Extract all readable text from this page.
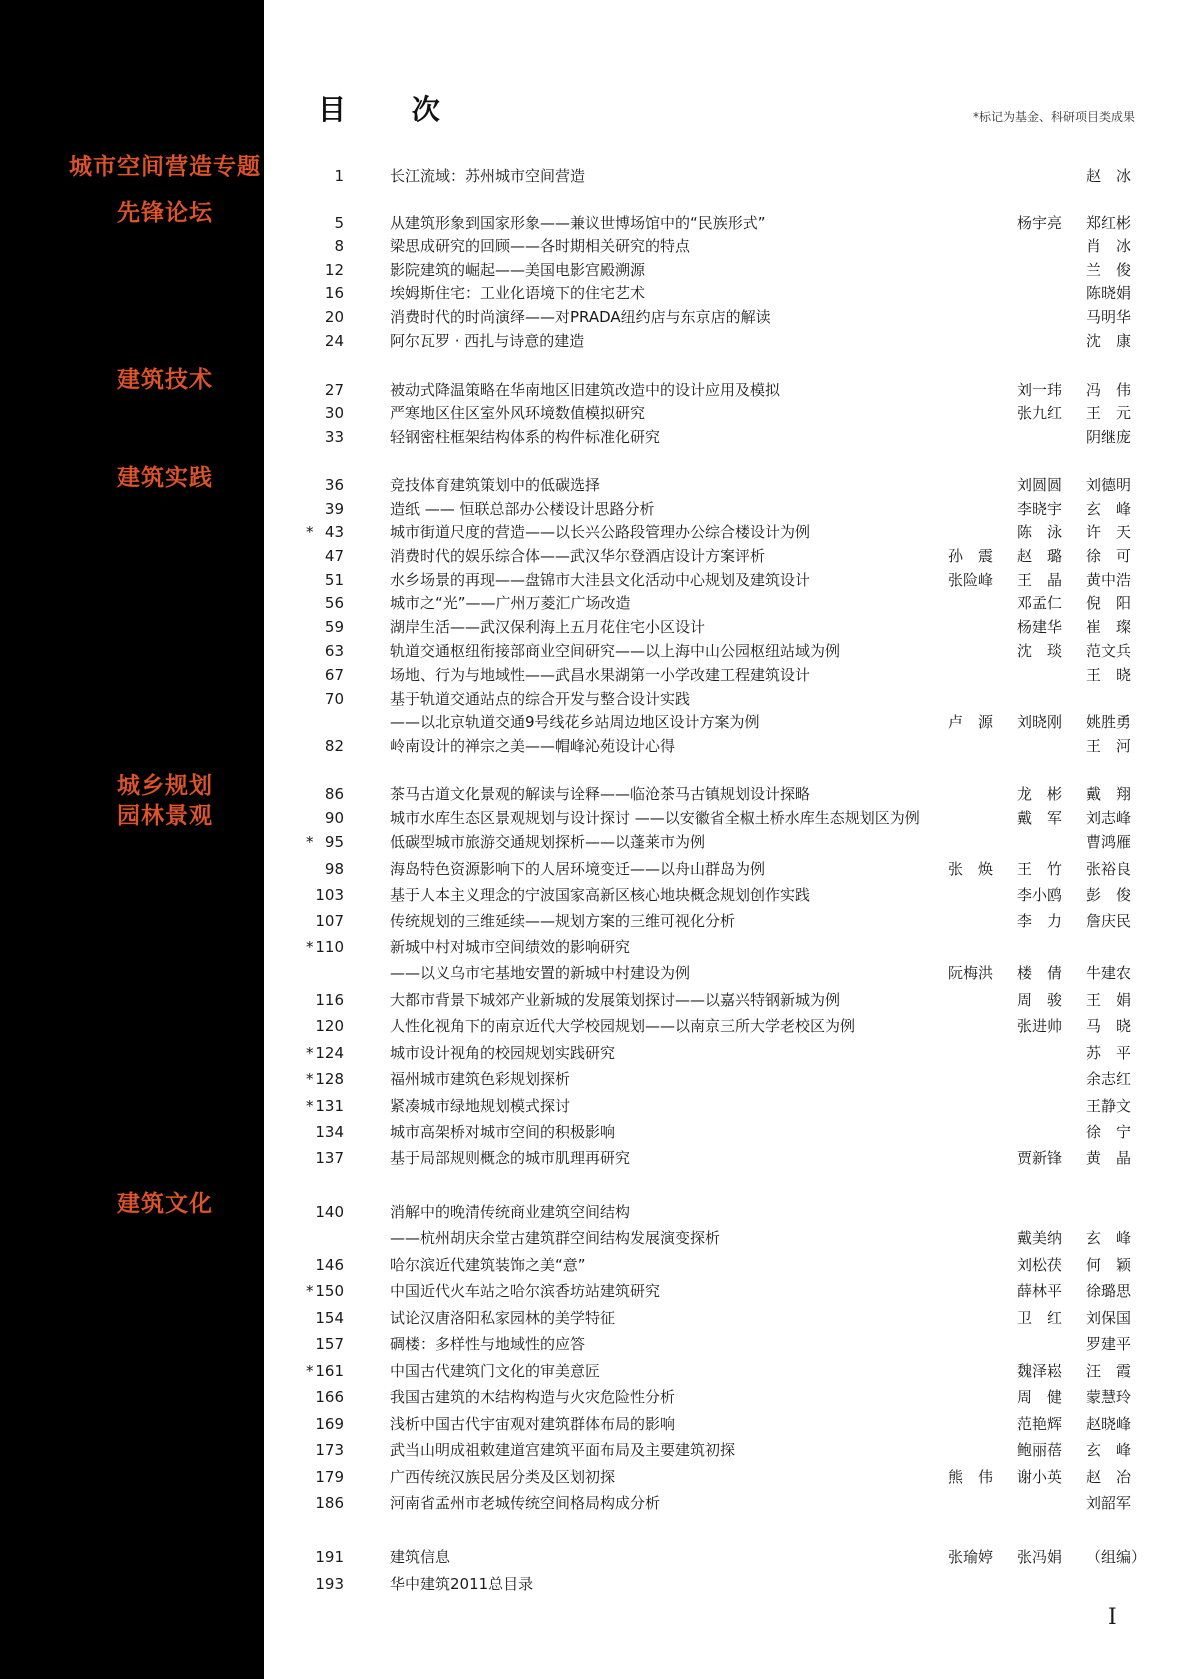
城市空间营造专题
先锋论坛
建筑技术
建筑实践
城乡规划
园林景观
建筑文化
目 次	*标记为基金、科研项目类成果
1	长江流域：苏州城市空间营造	赵　冰
5	从建筑形象到国家形象——兼议世博场馆中的“民族形式”	杨宇亮 郑红彬
8	梁思成研究的回顾——各时期相关研究的特点	肖　冰
12	影院建筑的崛起——美国电影宫殿溯源	兰　俊
16	埃姆斯住宅：工业化语境下的住宅艺术	陈晓娟
20	消费时代的时尚演绎——对PRADA纽约店与东京店的解读	马明华
24	阿尔瓦罗 · 西扎与诗意的建造	沈　康
27	被动式降温策略在华南地区旧建筑改造中的设计应用及模拟	刘一玮 冯　伟
30	严寒地区住区室外风环境数值模拟研究	张九红 王　元
33	轻钢密柱框架结构体系的构件标准化研究	阴继庞
36	竞技体育建筑策划中的低碳选择	刘圆圆 刘德明
39	造纸 —— 恒联总部办公楼设计思路分析	李晓宇 玄　峰
* 43	城市街道尺度的营造——以长兴公路段管理办公综合楼设计为例	陈　泳 许　天
47	消费时代的娱乐综合体——武汉华尔登酒店设计方案评析	孙　震 赵　璐 徐　可
51	水乡场景的再现——盘锦市大洼县文化活动中心规划及建筑设计	张险峰 王　晶 黄中浩
56	城市之“光”——广州万菱汇广场改造	邓孟仁 倪　阳
59	湖岸生活——武汉保利海上五月花住宅小区设计	杨建华 崔　璨
63	轨道交通枢纽衔接部商业空间研究——以上海中山公园枢纽站域为例	沈　琰 范文兵
67	场地、行为与地域性——武昌水果湖第一小学改建工程建筑设计	王　晓
70	基于轨道交通站点的综合开发与整合设计实践
——以北京轨道交通9号线花乡站周边地区设计方案为例	卢　源 刘晓刚 姚胜勇
82	岭南设计的禅宗之美——帽峰沁苑设计心得	王　河
86	茶马古道文化景观的解读与诠释——临沧茶马古镇规划设计探略	龙　彬 戴　翔
90	城市水库生态区景观规划与设计探讨 ——以安徽省全椒土桥水库生态规划区为例	戴　军 刘志峰
* 95	低碳型城市旅游交通规划探析——以蓬莱市为例	曹鸿雁
98	海岛特色资源影响下的人居环境变迁——以舟山群岛为例	张　焕 王　竹 张裕良
103	基于人本主义理念的宁波国家高新区核心地块概念规划创作实践	李小鸥 彭　俊
107	传统规划的三维延续——规划方案的三维可视化分析	李　力 詹庆民
* 110	新城中村对城市空间绩效的影响研究
——以义乌市宅基地安置的新城中村建设为例	阮梅洪 楼　倩 牛建农
116	大都市背景下城郊产业新城的发展策划探讨——以嘉兴特钢新城为例	周　骏 王　娟
120	人性化视角下的南京近代大学校园规划——以南京三所大学老校区为例	张进帅 马　晓
* 124	城市设计视角的校园规划实践研究	苏　平
* 128	福州城市建筑色彩规划探析	余志红
* 131	紧凑城市绿地规划模式探讨	王静文
134	城市高架桥对城市空间的积极影响	徐　宁
137	基于局部规则概念的城市肌理再研究	贾新锋 黄　晶
140	消解中的晚清传统商业建筑空间结构
——杭州胡庆余堂古建筑群空间结构发展演变探析	戴美纳 玄　峰
146	哈尔滨近代建筑装饰之美“意”	刘松茯 何　颖
* 150	中国近代火车站之哈尔滨香坊站建筑研究	薛林平 徐璐思
154	试论汉唐洛阳私家园林的美学特征	卫　红 刘保国
157	碉楼：多样性与地域性的应答	罗建平
* 161	中国古代建筑门文化的审美意匠	魏泽崧 汪　霞
166	我国古建筑的木结构构造与火灾危险性分析	周　健 蒙慧玲
169	浅析中国古代宇宙观对建筑群体布局的影响	范艳辉 赵晓峰
173	武当山明成祖敕建道宫建筑平面布局及主要建筑初探	鲍丽蓓 玄　峰
179	广西传统汉族民居分类及区划初探	熊　伟 谢小英 赵　冶
186	河南省孟州市老城传统空间格局构成分析	刘韶军
191	建筑信息	张瑜婷 张冯娟 （组编）
193	华中建筑2011总目录
I
